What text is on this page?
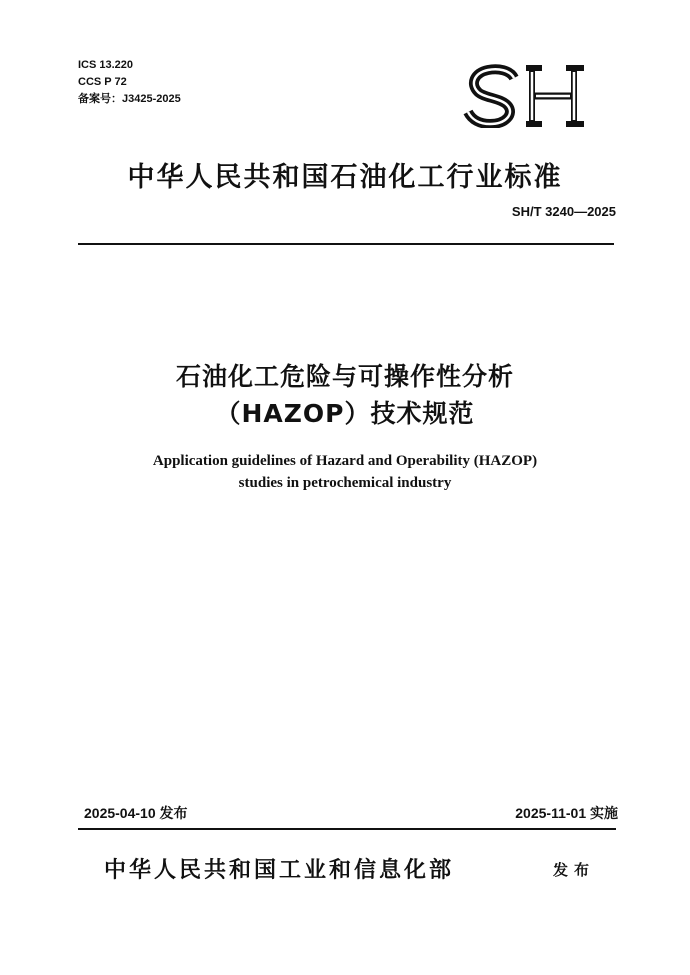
ICS 13.220
CCS P 72
备案号：J3425-2025
中华人民共和国石油化工行业标准
SH/T 3240—2025
石油化工危险与可操作性分析
（HAZOP）技术规范
Application guidelines of Hazard and Operability (HAZOP)
studies in petrochemical industry
2025-04-10 发布	2025-11-01 实施
中华人民共和国工业和信息化部	发布
